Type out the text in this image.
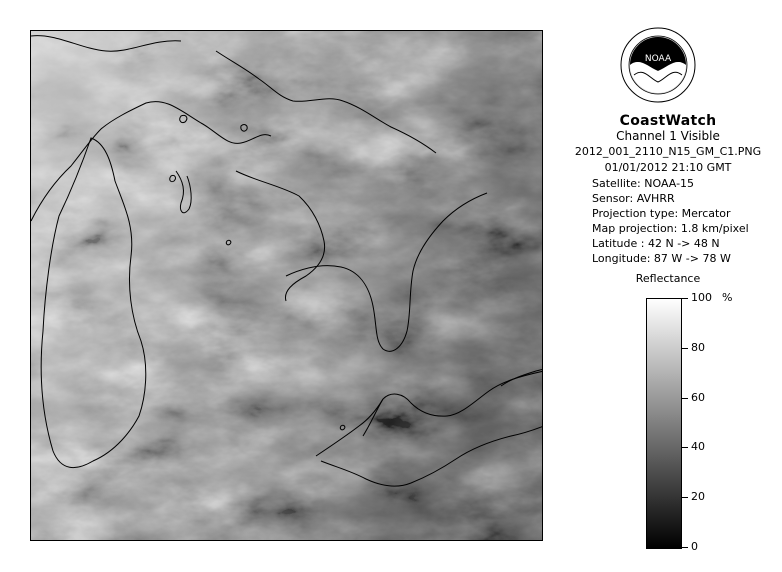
NOAA
CoastWatch
Channel 1 Visible
2012_001_2110_N15_GM_C1.PNG
01/01/2012 21:10 GMT
Satellite: NOAA-15
Sensor: AVHRR
Projection type: Mercator
Map projection: 1.8 km/pixel
Latitude : 42 N -> 48 N
Longitude: 87 W -> 78 W
Reflectance
%
100
80
60
40
20
0
